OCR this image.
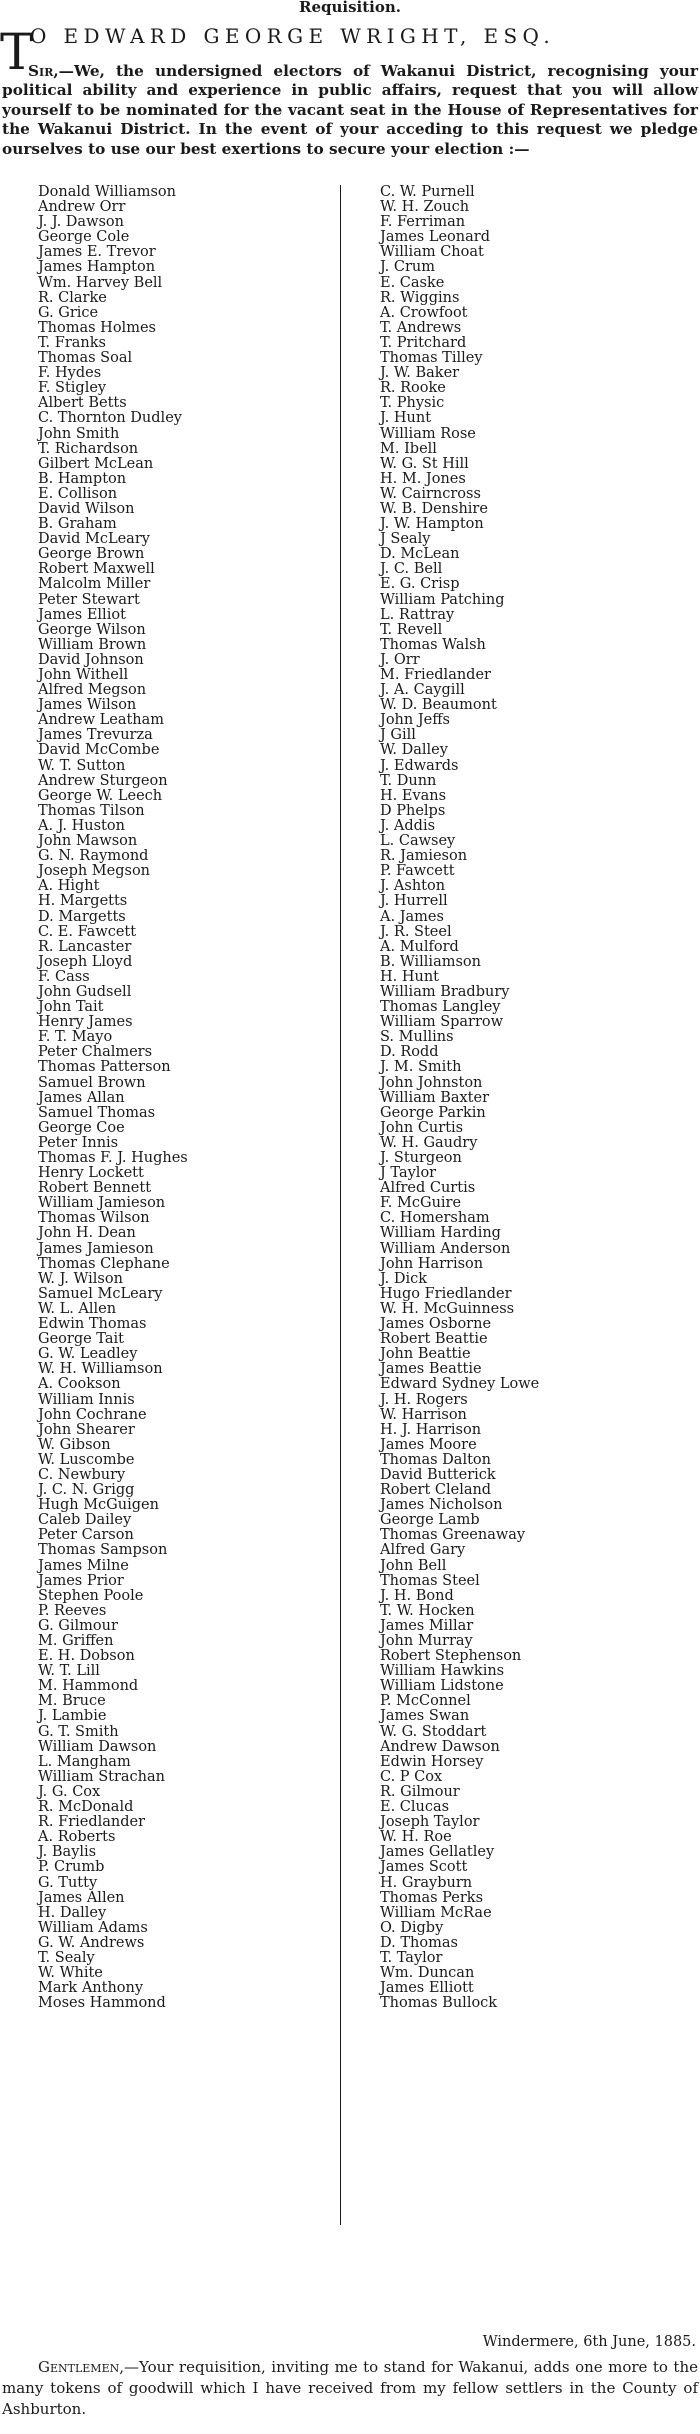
Requisition.
T
O EDWARD GEORGE WRIGHT, ESQ.

Sir,—We, the undersigned electors of Wakanui District, recognising your political ability and experience in public affairs, request that you will allow yourself to be nominated for the vacant seat in the House of Representatives for the Wakanui District. In the event of your acceding to this request we pledge ourselves to use our best exertions to secure your election :—

Donald Williamson
Andrew Orr
J. J. Dawson
George Cole
James E. Trevor
James Hampton
Wm. Harvey Bell
R. Clarke
G. Grice
Thomas Holmes
T. Franks
Thomas Soal
F. Hydes
F. Stigley
Albert Betts
C. Thornton Dudley
John Smith
T. Richardson
Gilbert McLean
B. Hampton
E. Collison
David Wilson
B. Graham
David McLeary
George Brown
Robert Maxwell
Malcolm Miller
Peter Stewart
James Elliot
George Wilson
William Brown
David Johnson
John Withell
Alfred Megson
James Wilson
Andrew Leatham
James Trevurza
David McCombe
W. T. Sutton
Andrew Sturgeon
George W. Leech
Thomas Tilson
A. J. Huston
John Mawson
G. N. Raymond
Joseph Megson
A. Hight
H. Margetts
D. Margetts
C. E. Fawcett
R. Lancaster
Joseph Lloyd
F. Cass
John Gudsell
John Tait
Henry James
F. T. Mayo
Peter Chalmers
Thomas Patterson
Samuel Brown
James Allan
Samuel Thomas
George Coe
Peter Innis
Thomas F. J. Hughes
Henry Lockett
Robert Bennett
William Jamieson
Thomas Wilson
John H. Dean
James Jamieson
Thomas Clephane
W. J. Wilson
Samuel McLeary
W. L. Allen
Edwin Thomas
George Tait
G. W. Leadley
W. H. Williamson
A. Cookson
William Innis
John Cochrane
John Shearer
W. Gibson
W. Luscombe
C. Newbury
J. C. N. Grigg
Hugh McGuigen
Caleb Dailey
Peter Carson
Thomas Sampson
James Milne
James Prior
Stephen Poole
P. Reeves
G. Gilmour
M. Griffen
E. H. Dobson
W. T. Lill
M. Hammond
M. Bruce
J. Lambie
G. T. Smith
William Dawson
L. Mangham
William Strachan
J. G. Cox
R. McDonald
R. Friedlander
A. Roberts
J. Baylis
P. Crumb
G. Tutty
James Allen
H. Dalley
William Adams
G. W. Andrews
T. Sealy
W. White
Mark Anthony
Moses Hammond
C. W. Purnell
W. H. Zouch
F. Ferriman
James Leonard
William Choat
J. Crum
E. Caske
R. Wiggins
A. Crowfoot
T. Andrews
T. Pritchard
Thomas Tilley
J. W. Baker
R. Rooke
T. Physic
J. Hunt
William Rose
M. Ibell
W. G. St Hill
H. M. Jones
W. Cairncross
W. B. Denshire
J. W. Hampton
J Sealy
D. McLean
J. C. Bell
E. G. Crisp
William Patching
L. Rattray
T. Revell
Thomas Walsh
J. Orr
M. Friedlander
J. A. Caygill
W. D. Beaumont
John Jeffs
J Gill
W. Dalley
J. Edwards
T. Dunn
H. Evans
D Phelps
J. Addis
L. Cawsey
R. Jamieson
P. Fawcett
J. Ashton
J. Hurrell
A. James
J. R. Steel
A. Mulford
B. Williamson
H. Hunt
William Bradbury
Thomas Langley
William Sparrow
S. Mullins
D. Rodd
J. M. Smith
John Johnston
William Baxter
George Parkin
John Curtis
W. H. Gaudry
J. Sturgeon
J Taylor
Alfred Curtis
F. McGuire
C. Homersham
William Harding
William Anderson
John Harrison
J. Dick
Hugo Friedlander
W. H. McGuinness
James Osborne
Robert Beattie
John Beattie
James Beattie
Edward Sydney Lowe
J. H. Rogers
W. Harrison
H. J. Harrison
James Moore
Thomas Dalton
David Butterick
Robert Cleland
James Nicholson
George Lamb
Thomas Greenaway
Alfred Gary
John Bell
Thomas Steel
J. H. Bond
T. W. Hocken
James Millar
John Murray
Robert Stephenson
William Hawkins
William Lidstone
P. McConnel
James Swan
W. G. Stoddart
Andrew Dawson
Edwin Horsey
C. P Cox
R. Gilmour
E. Clucas
Joseph Taylor
W. H. Roe
James Gellatley
James Scott
H. Grayburn
Thomas Perks
William McRae
O. Digby
D. Thomas
T. Taylor
Wm. Duncan
James Elliott
Thomas Bullock
Windermere, 6th June, 1885.

Gentlemen,—Your requisition, inviting me to stand for Wakanui, adds one more to the many tokens of goodwill which I have received from my fellow settlers in the County of Ashburton.
